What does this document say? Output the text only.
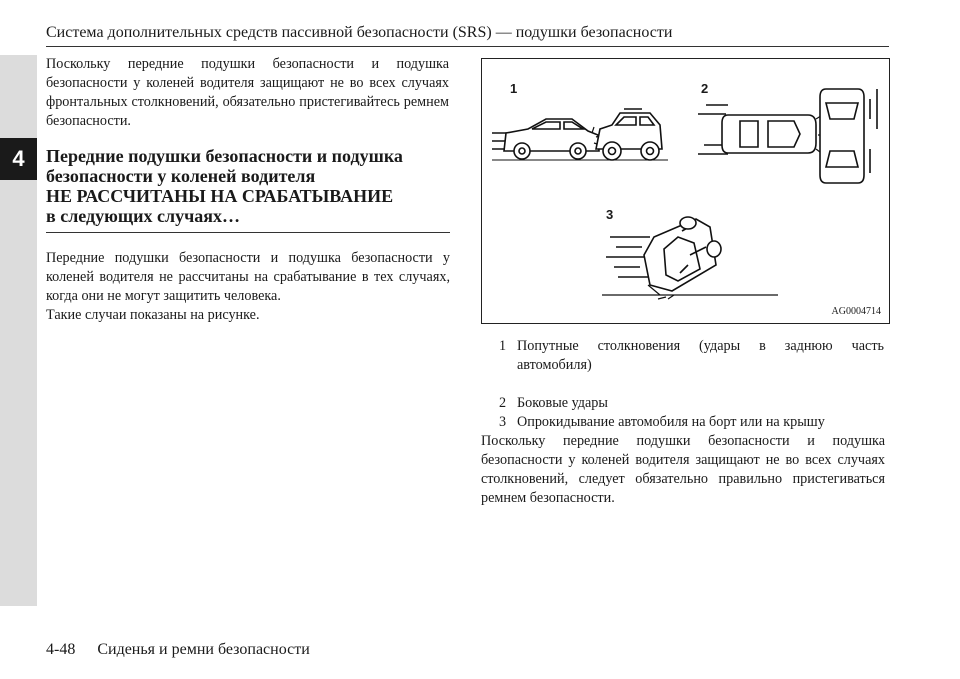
4
Система дополнительных средств пассивной безопасности (SRS) — подушки безопасности

Поскольку передние подушки безопасности и подушка безопасности у коленей водителя защищают не во всех случаях фронтальных столкновений, обязательно пристегивайтесь ремнем безопасности.

Передние подушки безопасности и подушка
безопасности у коленей водителя
НЕ РАССЧИТАНЫ НА СРАБАТЫВАНИЕ
в следующих случаях…
Передние подушки безопасности и подушка безопасности у коленей водителя не рассчитаны на срабатывание в тех случаях, когда они не могут защитить человека.
Такие случаи показаны на рисунке.
1	2
3
AG0004714
1 Попутные столкновения (удары в заднюю часть автомобиля)
2 Боковые удары
3 Опрокидывание автомобиля на борт или на крышу

Поскольку передние подушки безопасности и подушка безопасности у коленей водителя защищают не во всех случаях столкновений, следует обязательно правильно пристегиваться ремнем безопасности.

4-48 Сиденья и ремни безопасности
